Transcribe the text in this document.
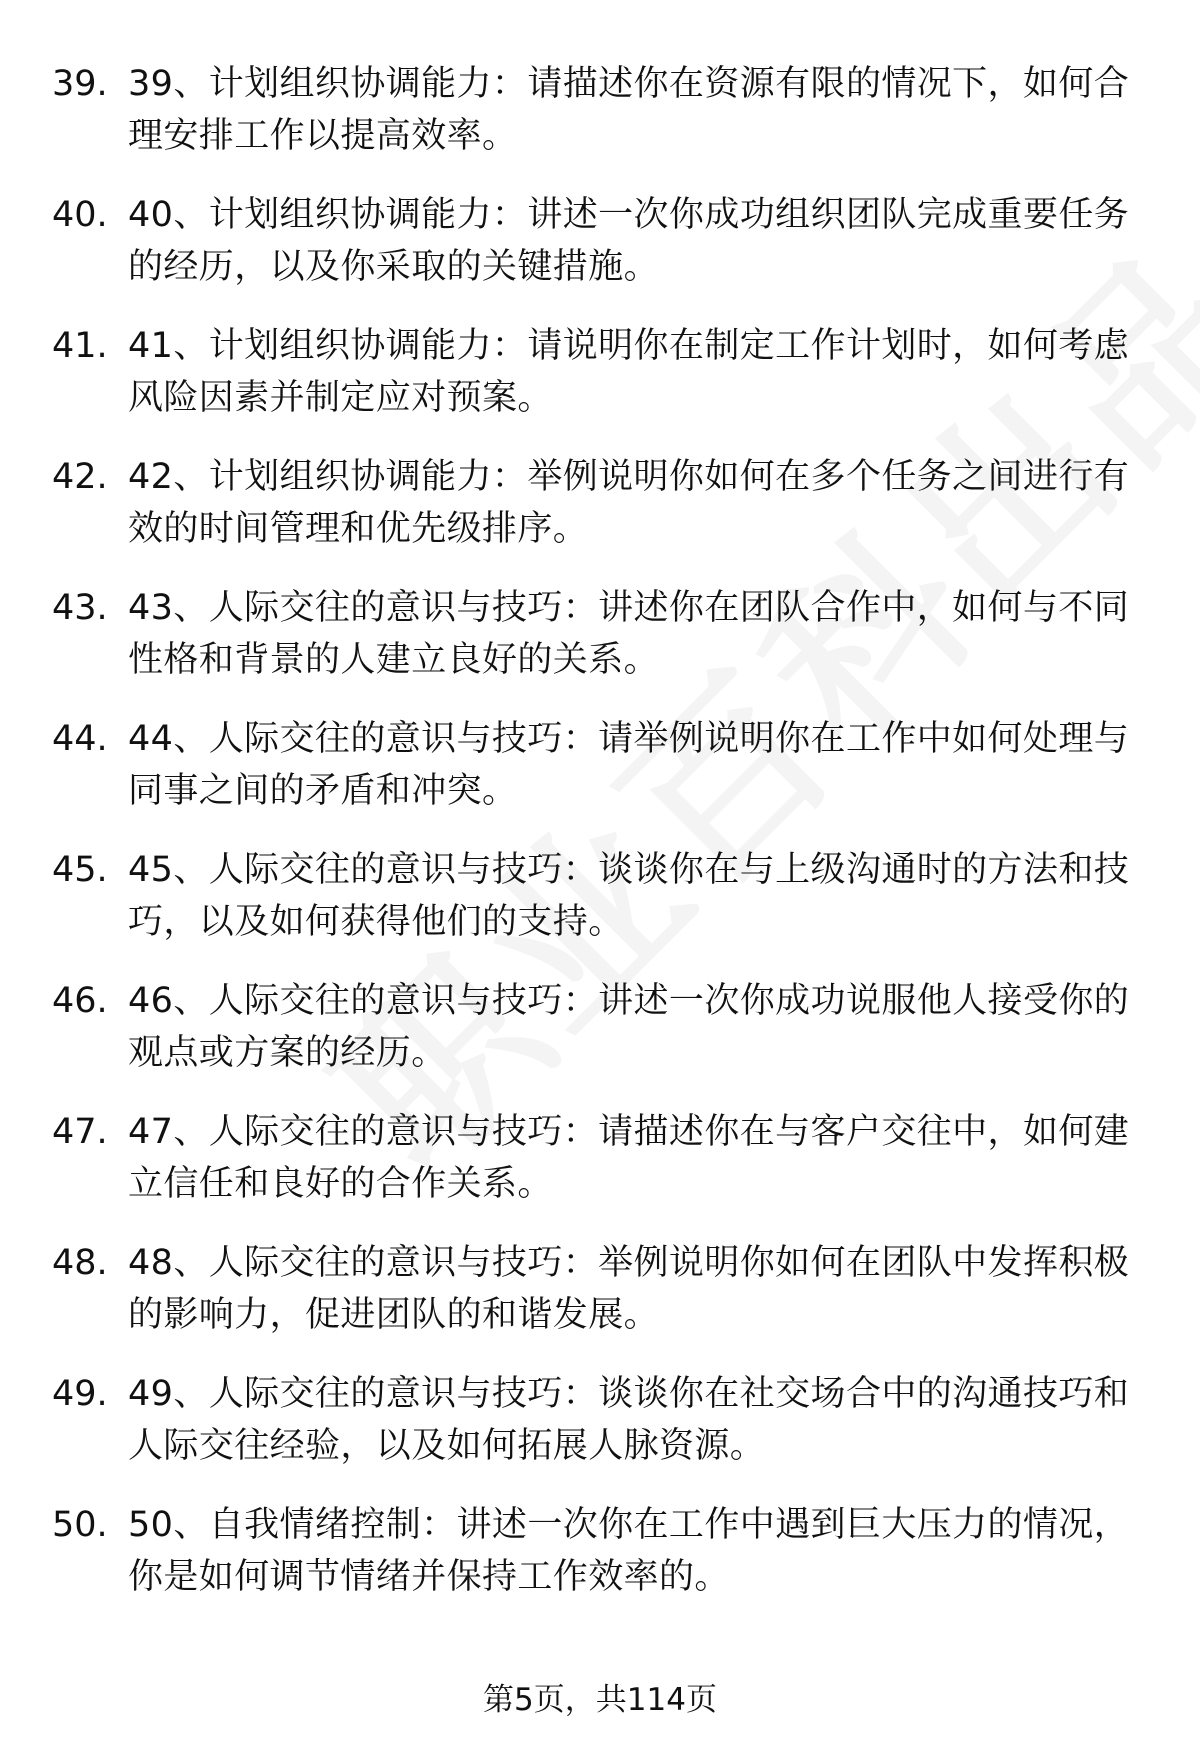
39. 39、计划组织协调能力：请描述你在资源有限的情况下，如何合理安排工作以提高效率。
40. 40、计划组织协调能力：讲述一次你成功组织团队完成重要任务的经历，以及你采取的关键措施。
41. 41、计划组织协调能力：请说明你在制定工作计划时，如何考虑风险因素并制定应对预案。
42. 42、计划组织协调能力：举例说明你如何在多个任务之间进行有效的时间管理和优先级排序。
43. 43、人际交往的意识与技巧：讲述你在团队合作中，如何与不同性格和背景的人建立良好的关系。
44. 44、人际交往的意识与技巧：请举例说明你在工作中如何处理与同事之间的矛盾和冲突。
45. 45、人际交往的意识与技巧：谈谈你在与上级沟通时的方法和技巧，以及如何获得他们的支持。
46. 46、人际交往的意识与技巧：讲述一次你成功说服他人接受你的观点或方案的经历。
47. 47、人际交往的意识与技巧：请描述你在与客户交往中，如何建立信任和良好的合作关系。
48. 48、人际交往的意识与技巧：举例说明你如何在团队中发挥积极的影响力，促进团队的和谐发展。
49. 49、人际交往的意识与技巧：谈谈你在社交场合中的沟通技巧和人际交往经验，以及如何拓展人脉资源。
50. 50、自我情绪控制：讲述一次你在工作中遇到巨大压力的情况，你是如何调节情绪并保持工作效率的。
第5页，共114页
